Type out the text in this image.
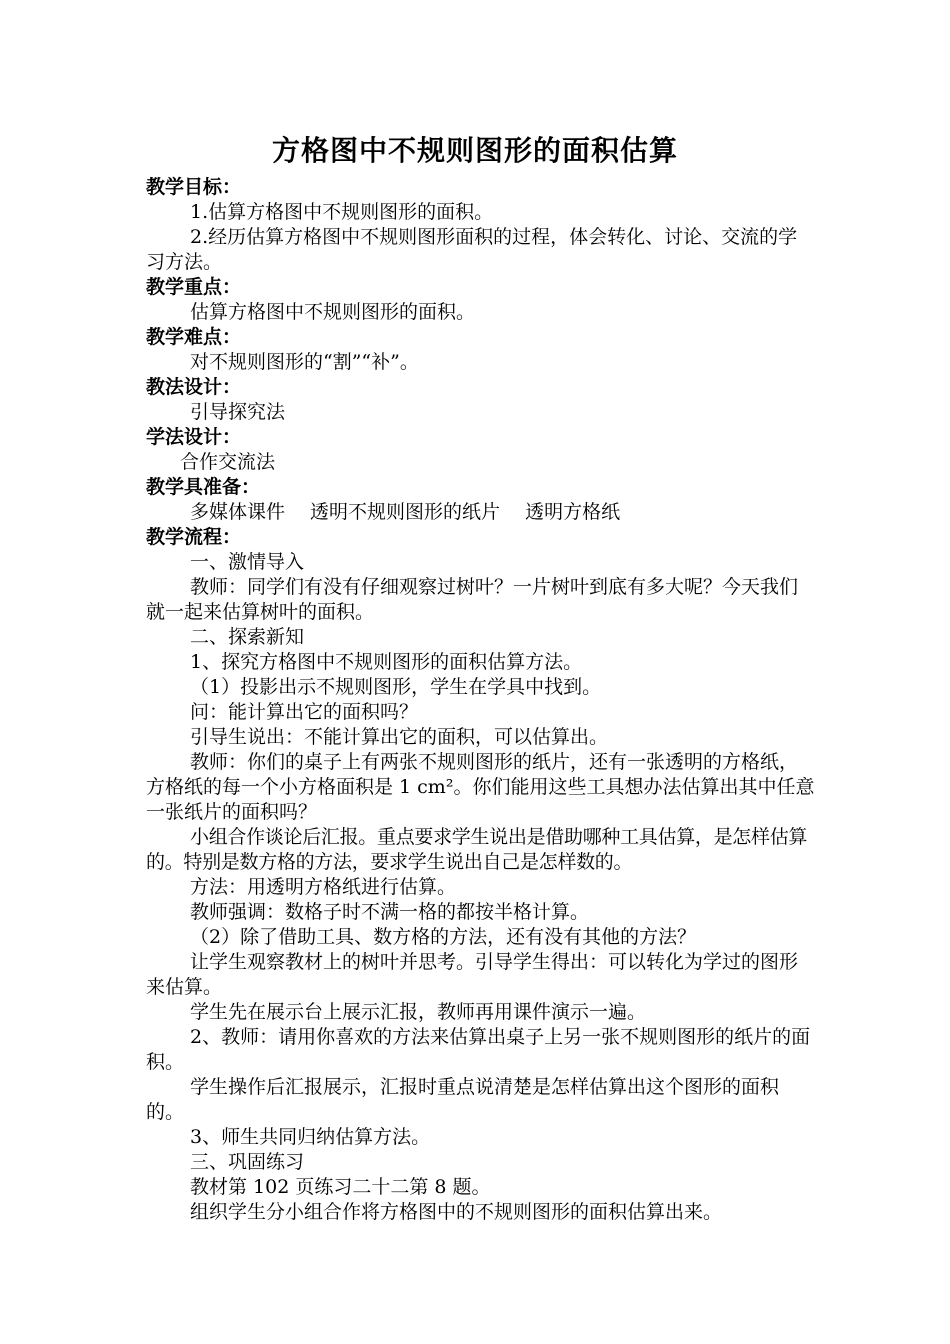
方格图中不规则图形的面积估算

教学目标：

1.估算方格图中不规则图形的面积。

2.经历估算方格图中不规则图形面积的过程，体会转化、讨论、交流的学习方法。

教学重点：

估算方格图中不规则图形的面积。

教学难点：

对不规则图形的“割”“补”。

教法设计：

引导探究法

学法设计：

合作交流法

教学具准备：

多媒体课件　 透明不规则图形的纸片　 透明方格纸

教学流程：

一、激情导入

教师：同学们有没有仔细观察过树叶？一片树叶到底有多大呢？今天我们就一起来估算树叶的面积。

二、探索新知

1、探究方格图中不规则图形的面积估算方法。

（1）投影出示不规则图形，学生在学具中找到。

问：能计算出它的面积吗？

引导生说出：不能计算出它的面积，可以估算出。

教师：你们的桌子上有两张不规则图形的纸片，还有一张透明的方格纸，方格纸的每一个小方格面积是 1 cm²。你们能用这些工具想办法估算出其中任意一张纸片的面积吗？

小组合作谈论后汇报。重点要求学生说出是借助哪种工具估算，是怎样估算的。特别是数方格的方法，要求学生说出自己是怎样数的。

方法：用透明方格纸进行估算。

教师强调：数格子时不满一格的都按半格计算。

（2）除了借助工具、数方格的方法，还有没有其他的方法？

让学生观察教材上的树叶并思考。引导学生得出：可以转化为学过的图形来估算。

学生先在展示台上展示汇报，教师再用课件演示一遍。

2、教师：请用你喜欢的方法来估算出桌子上另一张不规则图形的纸片的面积。

学生操作后汇报展示，汇报时重点说清楚是怎样估算出这个图形的面积的。

3、师生共同归纳估算方法。

三、巩固练习

教材第 102 页练习二十二第 8 题。

组织学生分小组合作将方格图中的不规则图形的面积估算出来。
